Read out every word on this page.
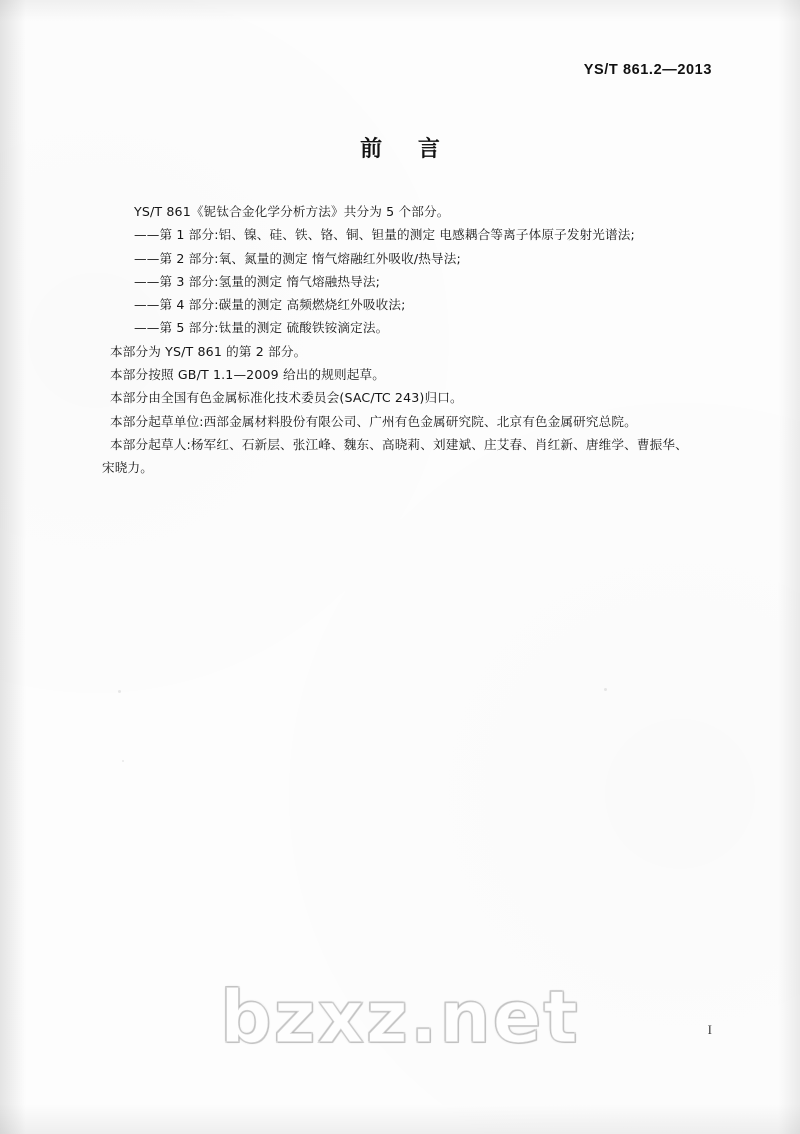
YS/T 861.2—2013
前 言
YS/T 861《铌钛合金化学分析方法》共分为 5 个部分。
——第 1 部分:铝、镍、硅、铁、铬、铜、钽量的测定 电感耦合等离子体原子发射光谱法;
——第 2 部分:氧、氮量的测定 惰气熔融红外吸收/热导法;
——第 3 部分:氢量的测定 惰气熔融热导法;
——第 4 部分:碳量的测定 高频燃烧红外吸收法;
——第 5 部分:钛量的测定 硫酸铁铵滴定法。
本部分为 YS/T 861 的第 2 部分。
本部分按照 GB/T 1.1—2009 给出的规则起草。
本部分由全国有色金属标准化技术委员会(SAC/TC 243)归口。
本部分起草单位:西部金属材料股份有限公司、广州有色金属研究院、北京有色金属研究总院。
本部分起草人:杨军红、石新层、张江峰、魏东、高晓莉、刘建斌、庄艾春、肖红新、唐维学、曹振华、
宋晓力。
bzxz.net	I
